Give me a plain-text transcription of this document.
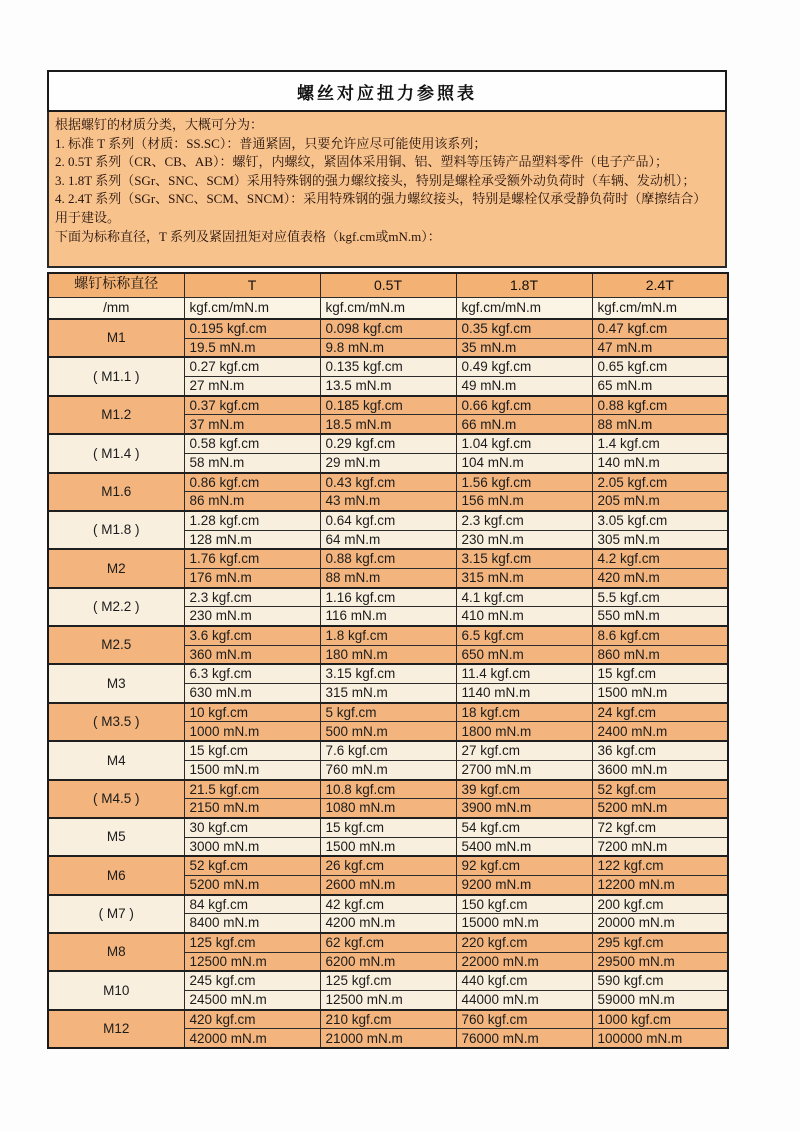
螺丝对应扭力参照表
根据螺钉的材质分类，大概可分为：
1. 标准 T 系列（材质：SS.SC）：普通紧固，只要允许应尽可能使用该系列；
2. 0.5T 系列（CR、CB、AB）：螺钉，内螺纹，紧固体采用铜、铝、塑料等压铸产品塑料零件（电子产品）；
3. 1.8T 系列（SGr、SNC、SCM）采用特殊钢的强力螺纹接头，特别是螺栓承受额外动负荷时（车辆、发动机）；
4. 2.4T 系列（SGr、SNC、SCM、SNCM）：采用特殊钢的强力螺纹接头，特别是螺栓仅承受静负荷时（摩擦结合）用于建设。
下面为标称直径，T 系列及紧固扭矩对应值表格（kgf.cm或mN.m）：
螺钉标称直径	T	0.5T	1.8T	2.4T
/mm	kgf.cm/mN.m	kgf.cm/mN.m	kgf.cm/mN.m	kgf.cm/mN.m
M1	0.195 kgf.cm	0.098 kgf.cm	0.35 kgf.cm	0.47 kgf.cm
	19.5 mN.m	9.8 mN.m	35 mN.m	47 mN.m
( M1.1 )	0.27 kgf.cm	0.135 kgf.cm	0.49 kgf.cm	0.65 kgf.cm
	27 mN.m	13.5 mN.m	49 mN.m	65 mN.m
M1.2	0.37 kgf.cm	0.185 kgf.cm	0.66 kgf.cm	0.88 kgf.cm
	37 mN.m	18.5 mN.m	66 mN.m	88 mN.m
( M1.4 )	0.58 kgf.cm	0.29 kgf.cm	1.04 kgf.cm	1.4 kgf.cm
	58 mN.m	29 mN.m	104 mN.m	140 mN.m
M1.6	0.86 kgf.cm	0.43 kgf.cm	1.56 kgf.cm	2.05 kgf.cm
	86 mN.m	43 mN.m	156 mN.m	205 mN.m
( M1.8 )	1.28 kgf.cm	0.64 kgf.cm	2.3 kgf.cm	3.05 kgf.cm
	128 mN.m	64 mN.m	230 mN.m	305 mN.m
M2	1.76 kgf.cm	0.88 kgf.cm	3.15 kgf.cm	4.2 kgf.cm
	176 mN.m	88 mN.m	315 mN.m	420 mN.m
( M2.2 )	2.3 kgf.cm	1.16 kgf.cm	4.1 kgf.cm	5.5 kgf.cm
	230 mN.m	116 mN.m	410 mN.m	550 mN.m
M2.5	3.6 kgf.cm	1.8 kgf.cm	6.5 kgf.cm	8.6 kgf.cm
	360 mN.m	180 mN.m	650 mN.m	860 mN.m
M3	6.3 kgf.cm	3.15 kgf.cm	11.4 kgf.cm	15 kgf.cm
	630 mN.m	315 mN.m	1140 mN.m	1500 mN.m
( M3.5 )	10 kgf.cm	5 kgf.cm	18 kgf.cm	24 kgf.cm
	1000 mN.m	500 mN.m	1800 mN.m	2400 mN.m
M4	15 kgf.cm	7.6 kgf.cm	27 kgf.cm	36 kgf.cm
	1500 mN.m	760 mN.m	2700 mN.m	3600 mN.m
( M4.5 )	21.5 kgf.cm	10.8 kgf.cm	39 kgf.cm	52 kgf.cm
	2150 mN.m	1080 mN.m	3900 mN.m	5200 mN.m
M5	30 kgf.cm	15 kgf.cm	54 kgf.cm	72 kgf.cm
	3000 mN.m	1500 mN.m	5400 mN.m	7200 mN.m
M6	52 kgf.cm	26 kgf.cm	92 kgf.cm	122 kgf.cm
	5200 mN.m	2600 mN.m	9200 mN.m	12200 mN.m
( M7 )	84 kgf.cm	42 kgf.cm	150 kgf.cm	200 kgf.cm
	8400 mN.m	4200 mN.m	15000 mN.m	20000 mN.m
M8	125 kgf.cm	62 kgf.cm	220 kgf.cm	295 kgf.cm
	12500 mN.m	6200 mN.m	22000 mN.m	29500 mN.m
M10	245 kgf.cm	125 kgf.cm	440 kgf.cm	590 kgf.cm
	24500 mN.m	12500 mN.m	44000 mN.m	59000 mN.m
M12	420 kgf.cm	210 kgf.cm	760 kgf.cm	1000 kgf.cm
	42000 mN.m	21000 mN.m	76000 mN.m	100000 mN.m
